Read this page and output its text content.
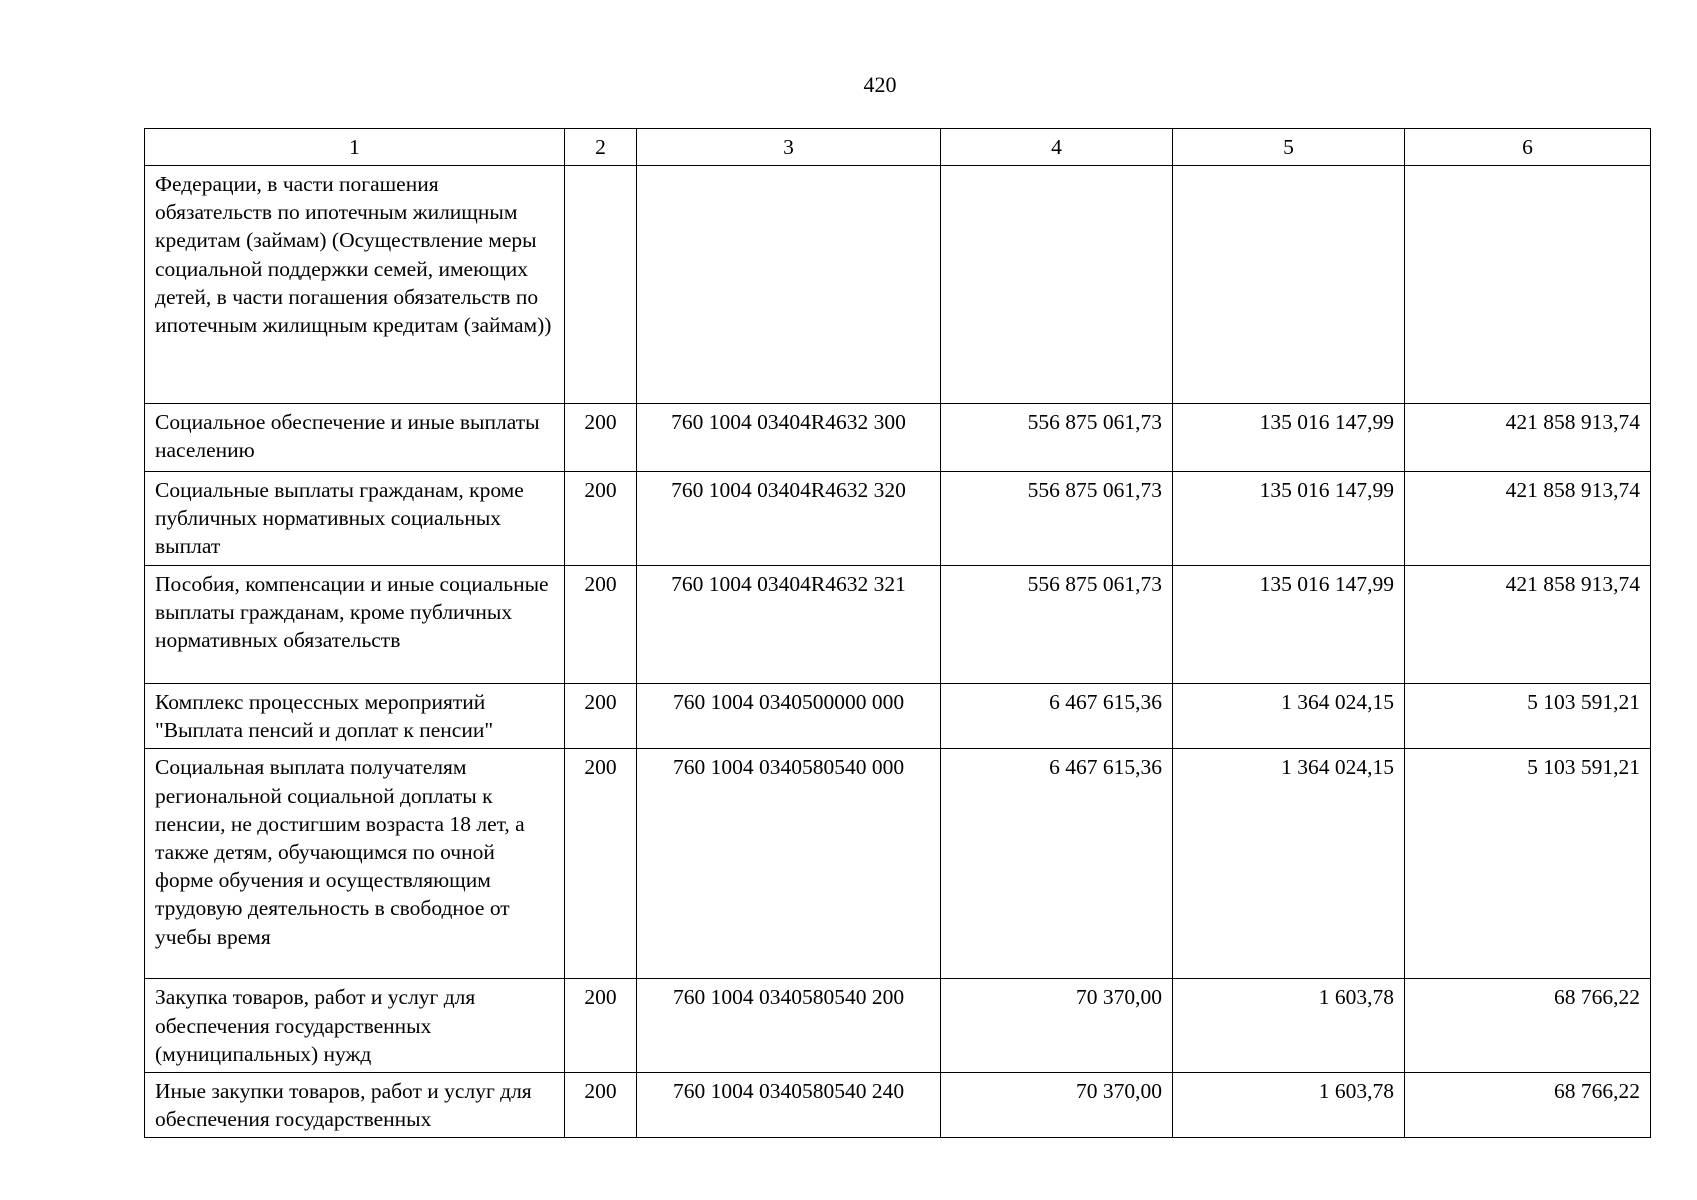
420
1	2	3	4	5	6
Федерации, в части погашения обязательств по ипотечным жилищным кредитам (займам) (Осуществление меры социальной поддержки семей, имеющих детей, в части погашения обязательств по ипотечным жилищным кредитам (займам))					
Социальное обеспечение и иные выплаты населению	200	760 1004 03404R4632 300	556 875 061,73	135 016 147,99	421 858 913,74
Социальные выплаты гражданам, кроме публичных нормативных социальных выплат	200	760 1004 03404R4632 320	556 875 061,73	135 016 147,99	421 858 913,74
Пособия, компенсации и иные социальные выплаты гражданам, кроме публичных нормативных обязательств	200	760 1004 03404R4632 321	556 875 061,73	135 016 147,99	421 858 913,74
Комплекс процессных мероприятий "Выплата пенсий и доплат к пенсии"	200	760 1004 0340500000 000	6 467 615,36	1 364 024,15	5 103 591,21
Социальная выплата получателям региональной социальной доплаты к пенсии, не достигшим возраста 18 лет, а также детям, обучающимся по очной форме обучения и осуществляющим трудовую деятельность в свободное от учебы время	200	760 1004 0340580540 000	6 467 615,36	1 364 024,15	5 103 591,21
Закупка товаров, работ и услуг для обеспечения государственных (муниципальных) нужд	200	760 1004 0340580540 200	70 370,00	1 603,78	68 766,22
Иные закупки товаров, работ и услуг для обеспечения государственных	200	760 1004 0340580540 240	70 370,00	1 603,78	68 766,22
